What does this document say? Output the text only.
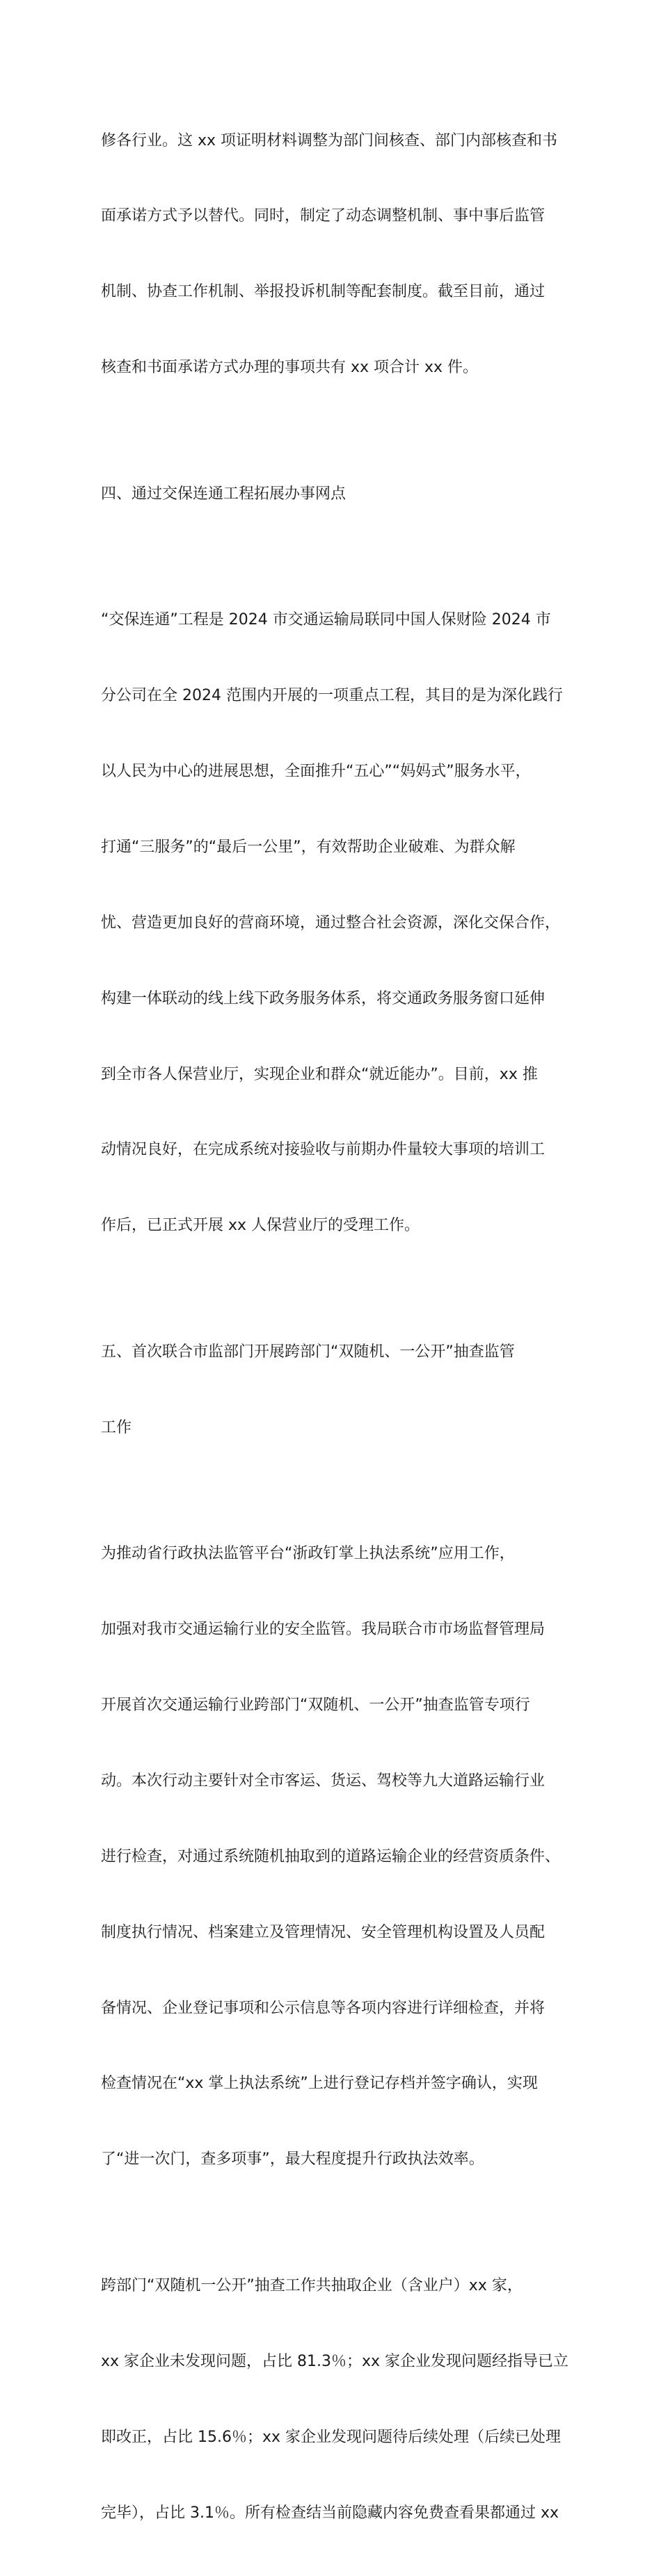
修各行业。这 xx 项证明材料调整为部门间核查、部门内部核查和书

面承诺方式予以替代。同时，制定了动态调整机制、事中事后监管

机制、协查工作机制、举报投诉机制等配套制度。截至目前，通过

核查和书面承诺方式办理的事项共有 xx 项合计 xx 件。

四、通过交保连通工程拓展办事网点

“交保连通”工程是 2024 市交通运输局联同中国人保财险 2024 市

分公司在全 2024 范围内开展的一项重点工程，其目的是为深化践行

以人民为中心的进展思想，全面推升“五心”“妈妈式”服务水平，

打通“三服务”的“最后一公里”，有效帮助企业破难、为群众解

忧、营造更加良好的营商环境，通过整合社会资源，深化交保合作，

构建一体联动的线上线下政务服务体系，将交通政务服务窗口延伸

到全市各人保营业厅，实现企业和群众“就近能办”。目前，xx 推

动情况良好，在完成系统对接验收与前期办件量较大事项的培训工

作后，已正式开展 xx 人保营业厅的受理工作。

五、首次联合市监部门开展跨部门“双随机、一公开”抽查监管

工作

为推动省行政执法监管平台“浙政钉掌上执法系统”应用工作，

加强对我市交通运输行业的安全监管。我局联合市市场监督管理局

开展首次交通运输行业跨部门“双随机、一公开”抽查监管专项行

动。本次行动主要针对全市客运、货运、驾校等九大道路运输行业

进行检查，对通过系统随机抽取到的道路运输企业的经营资质条件、

制度执行情况、档案建立及管理情况、安全管理机构设置及人员配

备情况、企业登记事项和公示信息等各项内容进行详细检查，并将

检查情况在“xx 掌上执法系统”上进行登记存档并签字确认，实现

了“进一次门，查多项事”，最大程度提升行政执法效率。

跨部门“双随机一公开”抽查工作共抽取企业（含业户）xx 家，

xx 家企业未发现问题，占比 81.3％；xx 家企业发现问题经指导已立

即改正，占比 15.6％；xx 家企业发现问题待后续处理（后续已处理

完毕），占比 3.1％。所有检查结当前隐藏内容免费查看果都通过 xx
